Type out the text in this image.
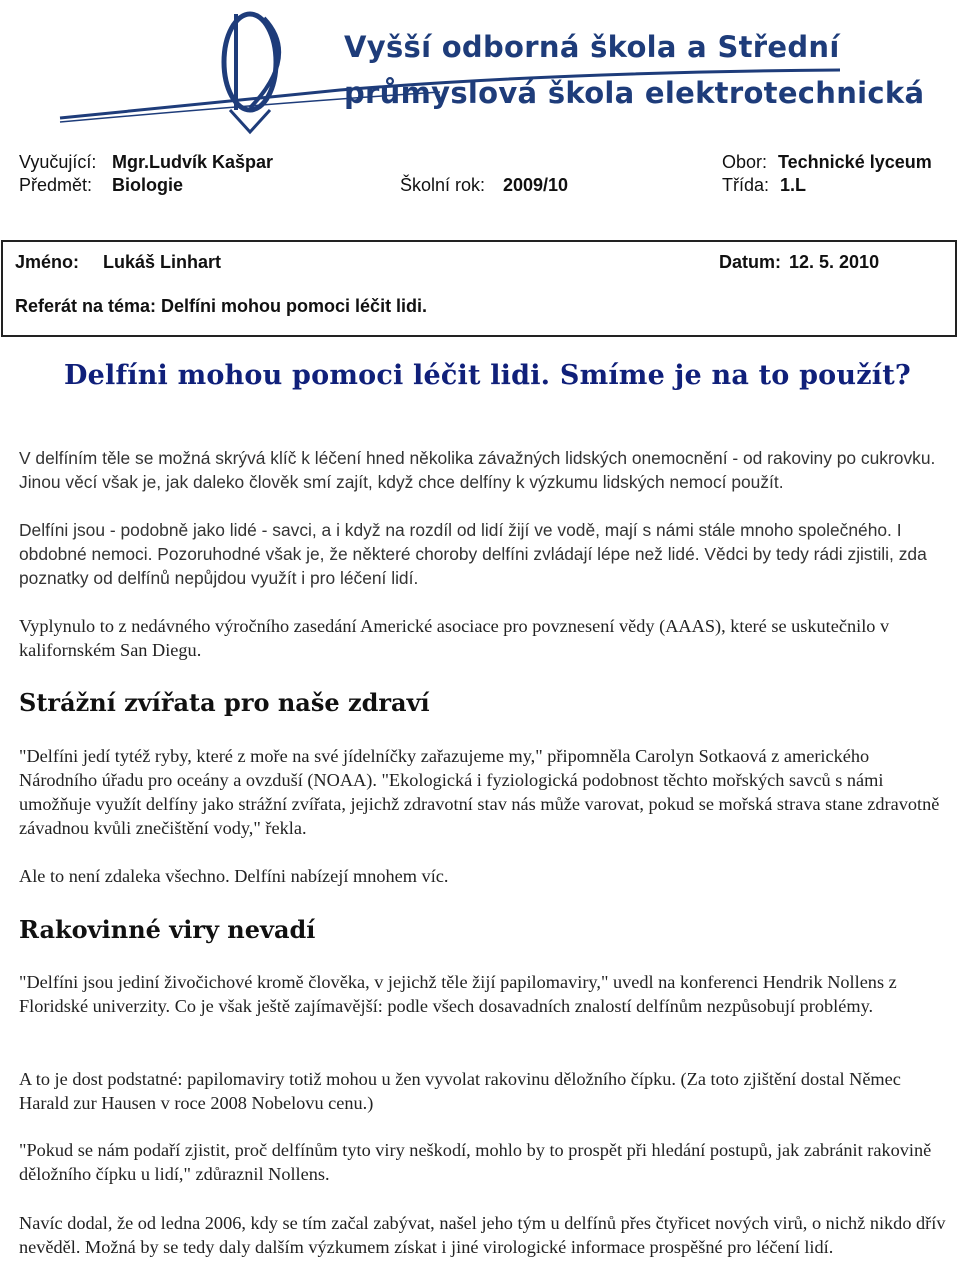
Vyšší odborná škola a Střední
průmyslová škola elektrotechnická
Vyučující: Mgr.Ludvík Kašpar	Obor: Technické lyceum
Předmět: Biologie	Školní rok: 2009/10	Třída: 1.L
Jméno: Lukáš Linhart	Datum: 12. 5. 2010
Referát na téma: Delfíni mohou pomoci léčit lidi.
Delfíni mohou pomoci léčit lidi. Smíme je na to použít?
V delfíním těle se možná skrývá klíč k léčení hned několika závažných lidských onemocnění - od rakoviny po cukrovku. Jinou věcí však je, jak daleko člověk smí zajít, když chce delfíny k výzkumu lidských nemocí použít.
Delfíni jsou - podobně jako lidé - savci, a i když na rozdíl od lidí žijí ve vodě, mají s námi stále mnoho společného. I obdobné nemoci. Pozoruhodné však je, že některé choroby delfíni zvládají lépe než lidé. Vědci by tedy rádi zjistili, zda poznatky od delfínů nepůjdou využít i pro léčení lidí.
Vyplynulo to z nedávného výročního zasedání Americké asociace pro povznesení vědy (AAAS), které se uskutečnilo v kalifornském San Diegu.
Strážní zvířata pro naše zdraví
"Delfíni jedí tytéž ryby, které z moře na své jídelníčky zařazujeme my," připomněla Carolyn Sotkaová z amerického Národního úřadu pro oceány a ovzduší (NOAA). "Ekologická i fyziologická podobnost těchto mořských savců s námi umožňuje využít delfíny jako strážní zvířata, jejichž zdravotní stav nás může varovat, pokud se mořská strava stane zdravotně závadnou kvůli znečištění vody," řekla.
Ale to není zdaleka všechno. Delfíni nabízejí mnohem víc.
Rakovinné viry nevadí
"Delfíni jsou jediní živočichové kromě člověka, v jejichž těle žijí papilomaviry," uvedl na konferenci Hendrik Nollens z Floridské univerzity. Co je však ještě zajímavější: podle všech dosavadních znalostí delfínům nezpůsobují problémy.
A to je dost podstatné: papilomaviry totiž mohou u žen vyvolat rakovinu děložního čípku. (Za toto zjištění dostal Němec Harald zur Hausen v roce 2008 Nobelovu cenu.)
"Pokud se nám podaří zjistit, proč delfínům tyto viry neškodí, mohlo by to prospět při hledání postupů, jak zabránit rakovině děložního čípku u lidí," zdůraznil Nollens.
Navíc dodal, že od ledna 2006, kdy se tím začal zabývat, našel jeho tým u delfínů přes čtyřicet nových virů, o nichž nikdo dřív nevěděl. Možná by se tedy daly dalším výzkumem získat i jiné virologické informace prospěšné pro léčení lidí.
